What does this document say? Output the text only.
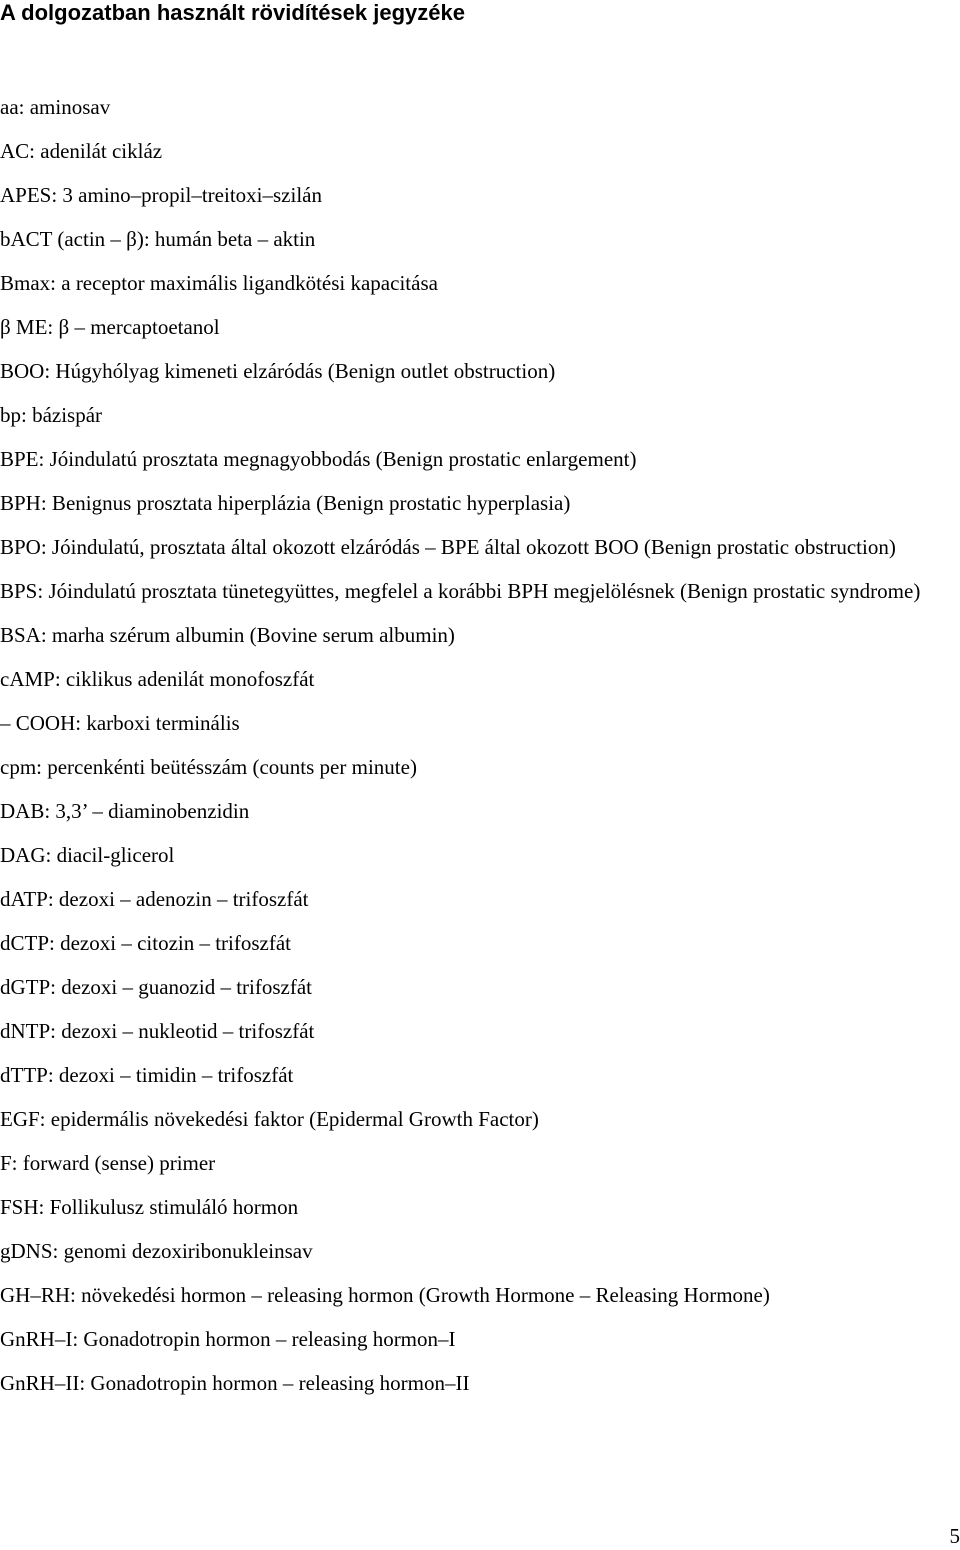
A dolgozatban használt rövidítések jegyzéke
aa: aminosav
AC: adenilát cikláz
APES: 3 amino–propil–treitoxi–szilán
bACT (actin – β): humán beta – aktin
Bmax: a receptor maximális ligandkötési kapacitása
β ME: β – mercaptoetanol
BOO: Húgyhólyag kimeneti elzáródás (Benign outlet obstruction)
bp: bázispár
BPE: Jóindulatú prosztata megnagyobbodás (Benign prostatic enlargement)
BPH: Benignus prosztata hiperplázia (Benign prostatic hyperplasia)
BPO: Jóindulatú, prosztata által okozott elzáródás – BPE által okozott BOO (Benign prostatic obstruction)
BPS: Jóindulatú prosztata tünetegyüttes, megfelel a korábbi BPH megjelölésnek (Benign prostatic syndrome)
BSA: marha szérum albumin (Bovine serum albumin)
cAMP: ciklikus adenilát monofoszfát
– COOH: karboxi terminális
cpm: percenkénti beütésszám (counts per minute)
DAB: 3,3’ – diaminobenzidin
DAG: diacil-glicerol
dATP: dezoxi – adenozin – trifoszfát
dCTP: dezoxi – citozin – trifoszfát
dGTP: dezoxi – guanozid – trifoszfát
dNTP: dezoxi – nukleotid – trifoszfát
dTTP: dezoxi – timidin – trifoszfát
EGF: epidermális növekedési faktor (Epidermal Growth Factor)
F: forward (sense) primer
FSH: Follikulusz stimuláló hormon
gDNS: genomi dezoxiribonukleinsav
GH–RH: növekedési hormon – releasing hormon (Growth Hormone – Releasing Hormone)
GnRH–I: Gonadotropin hormon – releasing hormon–I
GnRH–II: Gonadotropin hormon – releasing hormon–II
5
